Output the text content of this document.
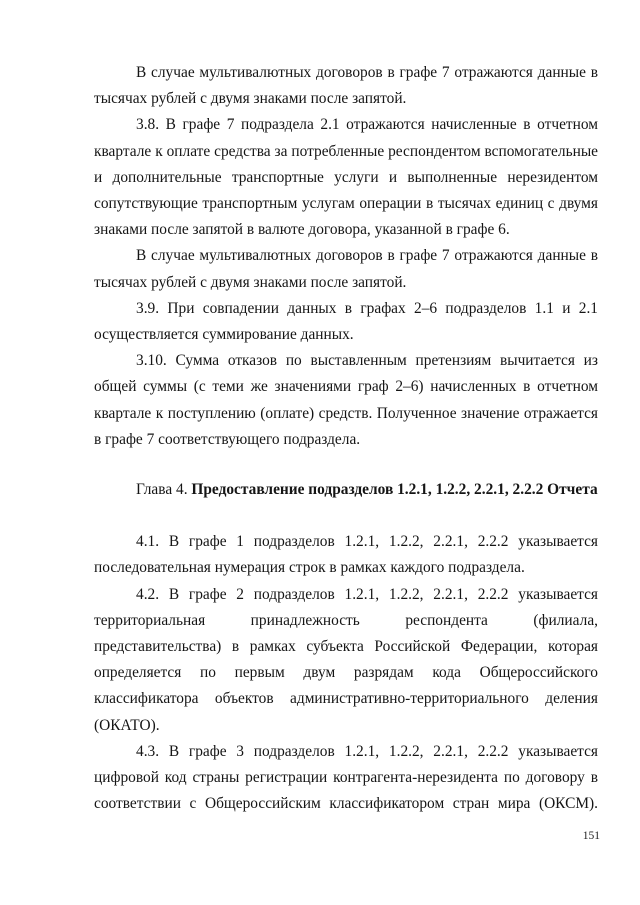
В случае мультивалютных договоров в графе 7 отражаются данные в тысячах рублей с двумя знаками после запятой.

3.8. В графе 7 подраздела 2.1 отражаются начисленные в отчетном квартале к оплате средства за потребленные респондентом вспомогательные и дополнительные транспортные услуги и выполненные нерезидентом сопутствующие транспортным услугам операции в тысячах единиц с двумя знаками после запятой в валюте договора, указанной в графе 6.

В случае мультивалютных договоров в графе 7 отражаются данные в тысячах рублей с двумя знаками после запятой.

3.9. При совпадении данных в графах 2–6 подразделов 1.1 и 2.1 осуществляется суммирование данных.

3.10. Сумма отказов по выставленным претензиям вычитается из общей суммы (с теми же значениями граф 2–6) начисленных в отчетном квартале к поступлению (оплате) средств. Полученное значение отражается в графе 7 соответствующего подраздела.

Глава 4. Предоставление подразделов 1.2.1, 1.2.2, 2.2.1, 2.2.2 Отчета

4.1. В графе 1 подразделов 1.2.1, 1.2.2, 2.2.1, 2.2.2 указывается последовательная нумерация строк в рамках каждого подраздела.

4.2. В графе 2 подразделов 1.2.1, 1.2.2, 2.2.1, 2.2.2 указывается территориальная принадлежность респондента (филиала, представительства) в рамках субъекта Российской Федерации, которая определяется по первым двум разрядам кода Общероссийского классификатора объектов административно-территориального деления (ОКАТО).

4.3. В графе 3 подразделов 1.2.1, 1.2.2, 2.2.1, 2.2.2 указывается цифровой код страны регистрации контрагента-нерезидента по договору в соответствии с Общероссийским классификатором стран мира (ОКСМ).

151
